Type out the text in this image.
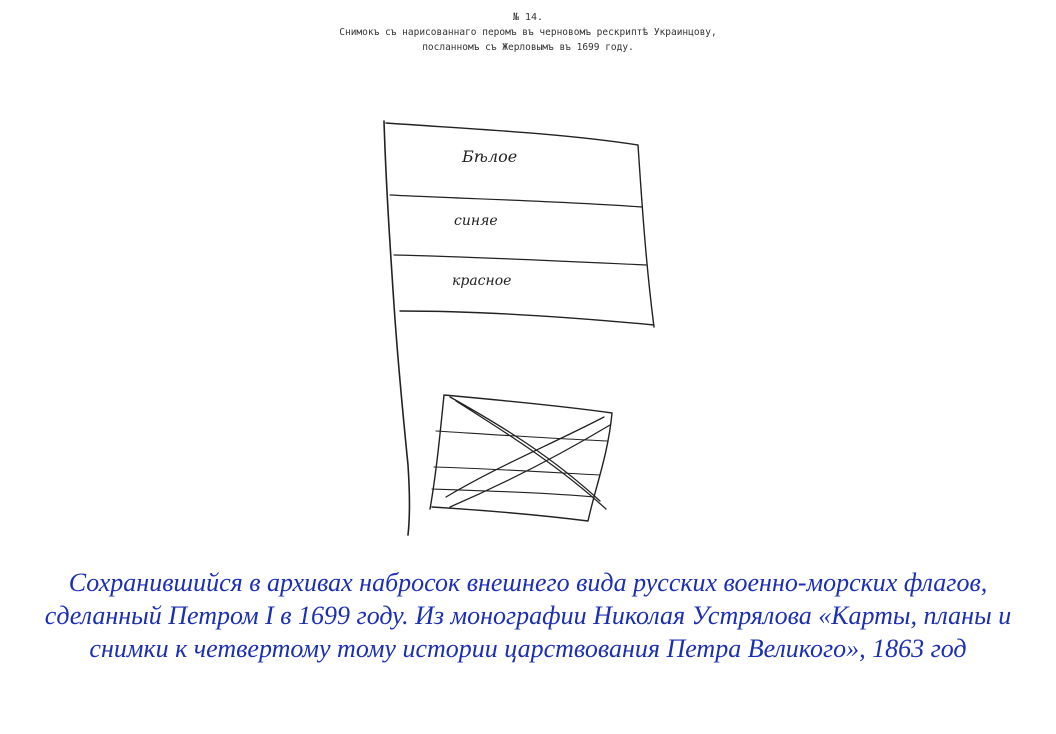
№ 14.
Снимокъ съ нарисованнаго перомъ въ черновомъ рескриптѣ Украинцову,
посланномъ съ Жерловымъ въ 1699 году.
Бѣлое
синяе
красное
Сохранившийся в архивах набросок внешнего вида русских военно-морских флагов, сделанный Петром I в 1699 году. Из монографии Николая Устрялова «Карты, планы и снимки к четвертому тому истории царствования Петра Великого», 1863 год
